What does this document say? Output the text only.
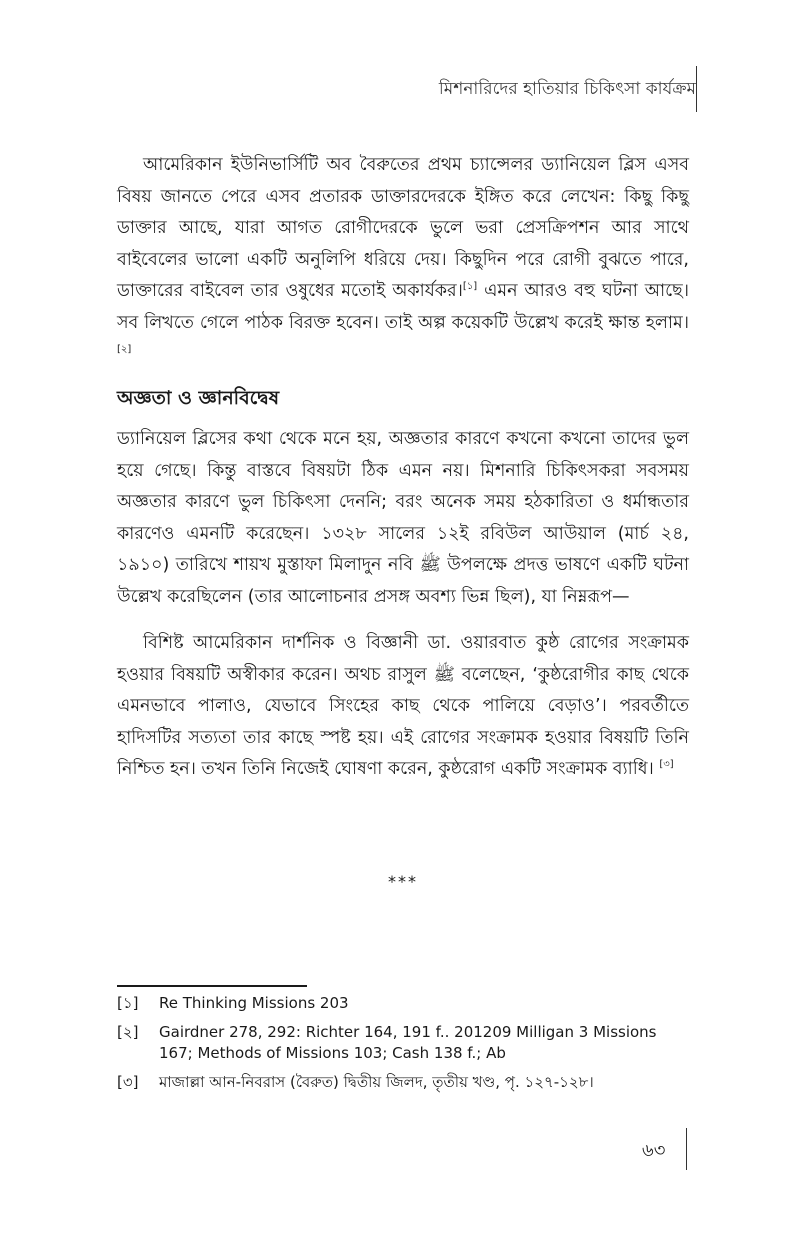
মিশনারিদের হাতিয়ার চিকিৎসা কার্যক্রম

আমেরিকান ইউনিভার্সিটি অব বৈরুতের প্রথম চ্যান্সেলর ড্যানিয়েল ব্লিস এসব বিষয় জানতে পেরে এসব প্রতারক ডাক্তারদেরকে ইঙ্গিত করে লেখেন: কিছু কিছু ডাক্তার আছে, যারা আগত রোগীদেরকে ভুলে ভরা প্রেসক্রিপশন আর সাথে বাইবেলের ভালো একটি অনুলিপি ধরিয়ে দেয়। কিছুদিন পরে রোগী বুঝতে পারে, ডাক্তারের বাইবেল তার ওষুধের মতোই অকার্যকর।[১] এমন আরও বহু ঘটনা আছে। সব লিখতে গেলে পাঠক বিরক্ত হবেন। তাই অল্প কয়েকটি উল্লেখ করেই ক্ষান্ত হলাম।[২]

অজ্ঞতা ও জ্ঞানবিদ্বেষ

ড্যানিয়েল ব্লিসের কথা থেকে মনে হয়, অজ্ঞতার কারণে কখনো কখনো তাদের ভুল হয়ে গেছে। কিন্তু বাস্তবে বিষয়টা ঠিক এমন নয়। মিশনারি চিকিৎসকরা সবসময় অজ্ঞতার কারণে ভুল চিকিৎসা দেননি; বরং অনেক সময় হঠকারিতা ও ধর্মান্ধতার কারণেও এমনটি করেছেন। ১৩২৮ সালের ১২ই রবিউল আউয়াল (মার্চ ২৪, ১৯১০) তারিখে শায়খ মুস্তাফা মিলাদুন নবি ﷺ উপলক্ষে প্রদত্ত ভাষণে একটি ঘটনা উল্লেখ করেছিলেন (তার আলোচনার প্রসঙ্গ অবশ্য ভিন্ন ছিল), যা নিম্নরূপ—

বিশিষ্ট আমেরিকান দার্শনিক ও বিজ্ঞানী ডা. ওয়ারবাত কুষ্ঠ রোগের সংক্রামক হওয়ার বিষয়টি অস্বীকার করেন। অথচ রাসুল ﷺ বলেছেন, ‘কুষ্ঠরোগীর কাছ থেকে এমনভাবে পালাও, যেভাবে সিংহের কাছ থেকে পালিয়ে বেড়াও’। পরবর্তীতে হাদিসটির সত্যতা তার কাছে স্পষ্ট হয়। এই রোগের সংক্রামক হওয়ার বিষয়টি তিনি নিশ্চিত হন। তখন তিনি নিজেই ঘোষণা করেন, কুষ্ঠরোগ একটি সংক্রামক ব্যাধি। [৩]

***

[১] Re Thinking Missions 203

[২] Gairdner 278, 292: Richter 164, 191 f.. 201209 Milligan 3 Missions 167; Methods of Missions 103; Cash 138 f.; Ab

[৩] মাজাল্লা আন-নিবরাস (বৈরুত) দ্বিতীয় জিলদ, তৃতীয় খণ্ড, পৃ. ১২৭-১২৮।

৬৩
